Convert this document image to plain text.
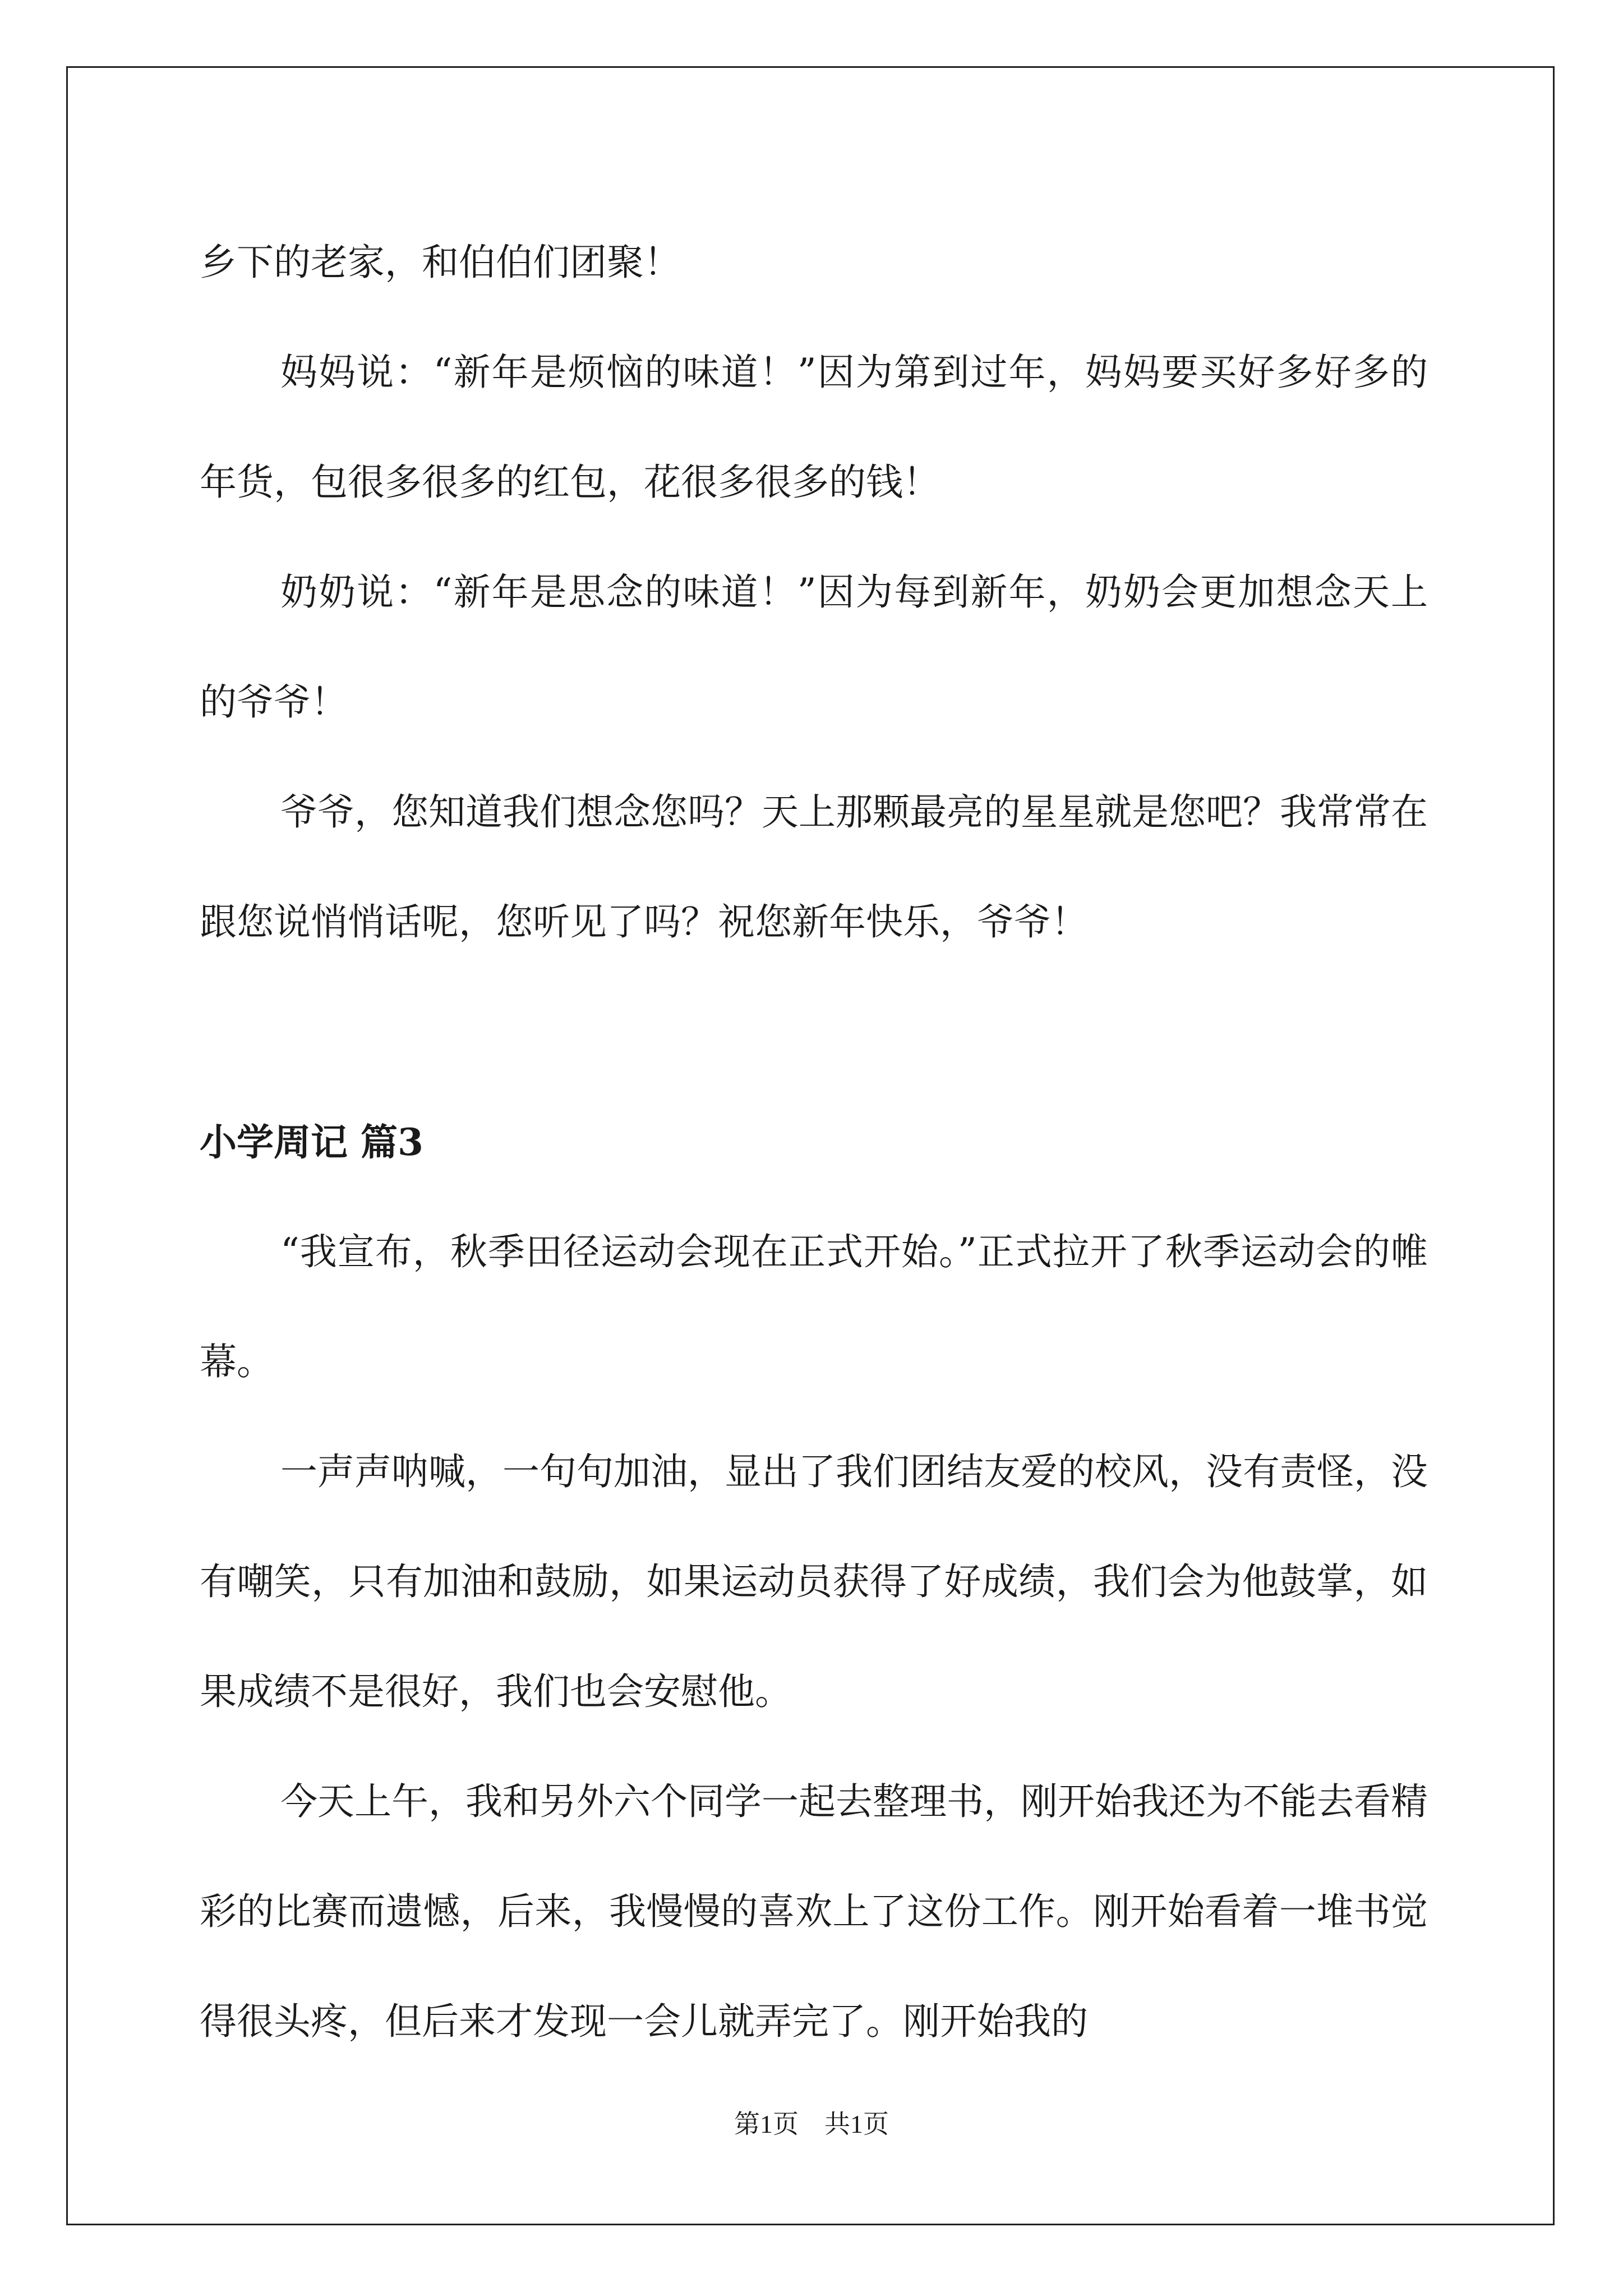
乡下的老家，和伯伯们团聚！

妈妈说：“新年是烦恼的味道！”因为第到过年，妈妈要买好多好多的年货，包很多很多的红包，花很多很多的钱！

奶奶说：“新年是思念的味道！”因为每到新年，奶奶会更加想念天上的爷爷！

爷爷，您知道我们想念您吗？天上那颗最亮的星星就是您吧？我常常在跟您说悄悄话呢，您听见了吗？祝您新年快乐，爷爷！

小学周记 篇3

“我宣布，秋季田径运动会现在正式开始。”正式拉开了秋季运动会的帷幕。

一声声呐喊，一句句加油，显出了我们团结友爱的校风，没有责怪，没有嘲笑，只有加油和鼓励，如果运动员获得了好成绩，我们会为他鼓掌，如果成绩不是很好，我们也会安慰他。

今天上午，我和另外六个同学一起去整理书，刚开始我还为不能去看精彩的比赛而遗憾，后来，我慢慢的喜欢上了这份工作。刚开始看着一堆书觉得很头疼，但后来才发现一会儿就弄完了。刚开始我的

第1页　共1页
